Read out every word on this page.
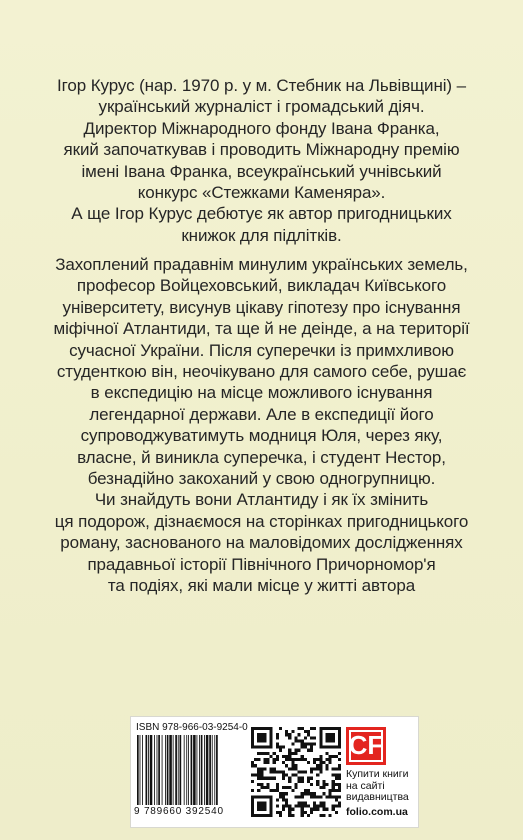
Ігор Курус (нар. 1970 р. у м. Стебник на Львівщині) –
український журналіст і громадський діяч.
Директор Міжнародного фонду Івана Франка,
який започаткував і проводить Міжнародну премію
імені Івана Франка, всеукраїнський учнівський
конкурс «Стежками Каменяра».
А ще Ігор Курус дебютує як автор пригодницьких
книжок для підлітків.
Захоплений прадавнім минулим українських земель,
професор Войцеховський, викладач Київського
університету, висунув цікаву гіпотезу про існування
міфічної Атлантиди, та ще й не деінде, а на території
сучасної України. Після суперечки із примхливою
студенткою він, неочікувано для самого себе, рушає
в експедицію на місце можливого існування
легендарної держави. Але в експедиції його
супроводжуватимуть модниця Юля, через яку,
власне, й виникла суперечка, і студент Нестор,
безнадійно закоханий у свою одногрупницю.
Чи знайдуть вони Атлантиду і як їх змінить
ця подорож, дізнаємося на сторінках пригодницького
роману, заснованого на маловідомих дослідженнях
прадавньої історії Північного Причорномор'я
та подіях, які мали місце у житті автора
ISBN 978-966-03-9254-0
9 789660 392540
CF
Купити книги
на сайті
видавництва
folio.com.ua
